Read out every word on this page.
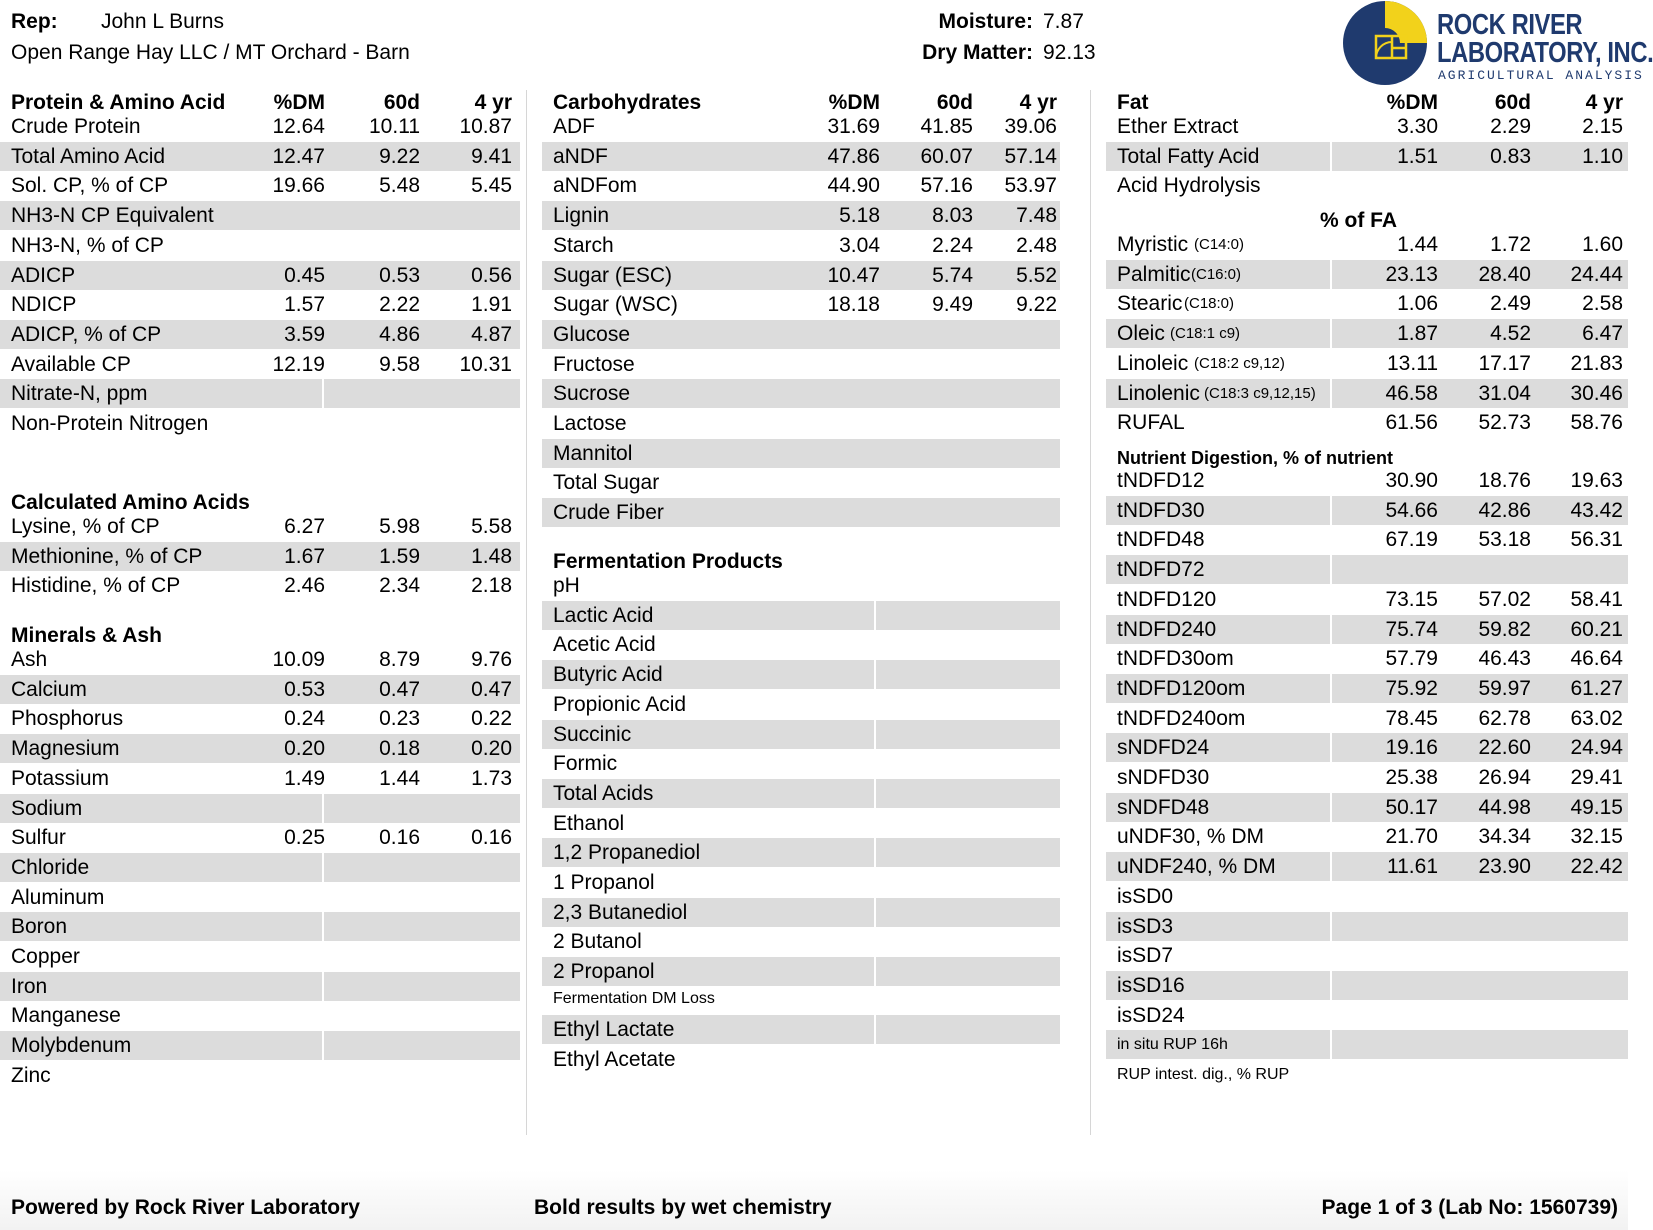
Rep: John L Burns
Open Range Hay LLC / MT Orchard - Barn
Moisture: 7.87
Dry Matter: 92.13
ROCK RIVER
LABORATORY, INC.
AGRICULTURAL ANALYSIS
Protein & Amino Acid	%DM	60d	4 yr
Crude Protein	12.64	10.11	10.87
Total Amino Acid	12.47	9.22	9.41
Sol. CP, % of CP	19.66	5.48	5.45
NH3-N CP Equivalent
NH3-N, % of CP
ADICP	0.45	0.53	0.56
NDICP	1.57	2.22	1.91
ADICP, % of CP	3.59	4.86	4.87
Available CP	12.19	9.58	10.31
Nitrate-N, ppm
Non-Protein Nitrogen
Calculated Amino Acids
Lysine, % of CP	6.27	5.98	5.58
Methionine, % of CP	1.67	1.59	1.48
Histidine, % of CP	2.46	2.34	2.18
Minerals & Ash
Ash	10.09	8.79	9.76
Calcium	0.53	0.47	0.47
Phosphorus	0.24	0.23	0.22
Magnesium	0.20	0.18	0.20
Potassium	1.49	1.44	1.73
Sodium
Sulfur	0.25	0.16	0.16
Chloride
Aluminum
Boron
Copper
Iron
Manganese
Molybdenum
Zinc
Carbohydrates	%DM	60d	4 yr
ADF	31.69	41.85	39.06
aNDF	47.86	60.07	57.14
aNDFom	44.90	57.16	53.97
Lignin	5.18	8.03	7.48
Starch	3.04	2.24	2.48
Sugar (ESC)	10.47	5.74	5.52
Sugar (WSC)	18.18	9.49	9.22
Glucose
Fructose
Sucrose
Lactose
Mannitol
Total Sugar
Crude Fiber
Fermentation Products
pH
Lactic Acid
Acetic Acid
Butyric Acid
Propionic Acid
Succinic
Formic
Total Acids
Ethanol
1,2 Propanediol
1 Propanol
2,3 Butanediol
2 Butanol
2 Propanol
Fermentation DM Loss
Ethyl Lactate
Ethyl Acetate
Fat	%DM	60d	4 yr
Ether Extract	3.30	2.29	2.15
Total Fatty Acid	1.51	0.83	1.10
Acid Hydrolysis
% of FA
Myristic (C14:0)	1.44	1.72	1.60
Palmitic (C16:0)	23.13	28.40	24.44
Stearic (C18:0)	1.06	2.49	2.58
Oleic (C18:1 c9)	1.87	4.52	6.47
Linoleic (C18:2 c9,12)	13.11	17.17	21.83
Linolenic (C18:3 c9,12,15)	46.58	31.04	30.46
RUFAL	61.56	52.73	58.76
Nutrient Digestion, % of nutrient
tNDFD12	30.90	18.76	19.63
tNDFD30	54.66	42.86	43.42
tNDFD48	67.19	53.18	56.31
tNDFD72
tNDFD120	73.15	57.02	58.41
tNDFD240	75.74	59.82	60.21
tNDFD30om	57.79	46.43	46.64
tNDFD120om	75.92	59.97	61.27
tNDFD240om	78.45	62.78	63.02
sNDFD24	19.16	22.60	24.94
sNDFD30	25.38	26.94	29.41
sNDFD48	50.17	44.98	49.15
uNDF30, % DM	21.70	34.34	32.15
uNDF240, % DM	11.61	23.90	22.42
isSD0
isSD3
isSD7
isSD16
isSD24
in situ RUP 16h
RUP intest. dig., % RUP
Powered by Rock River Laboratory	Bold results by wet chemistry	Page 1 of 3 (Lab No: 1560739)
